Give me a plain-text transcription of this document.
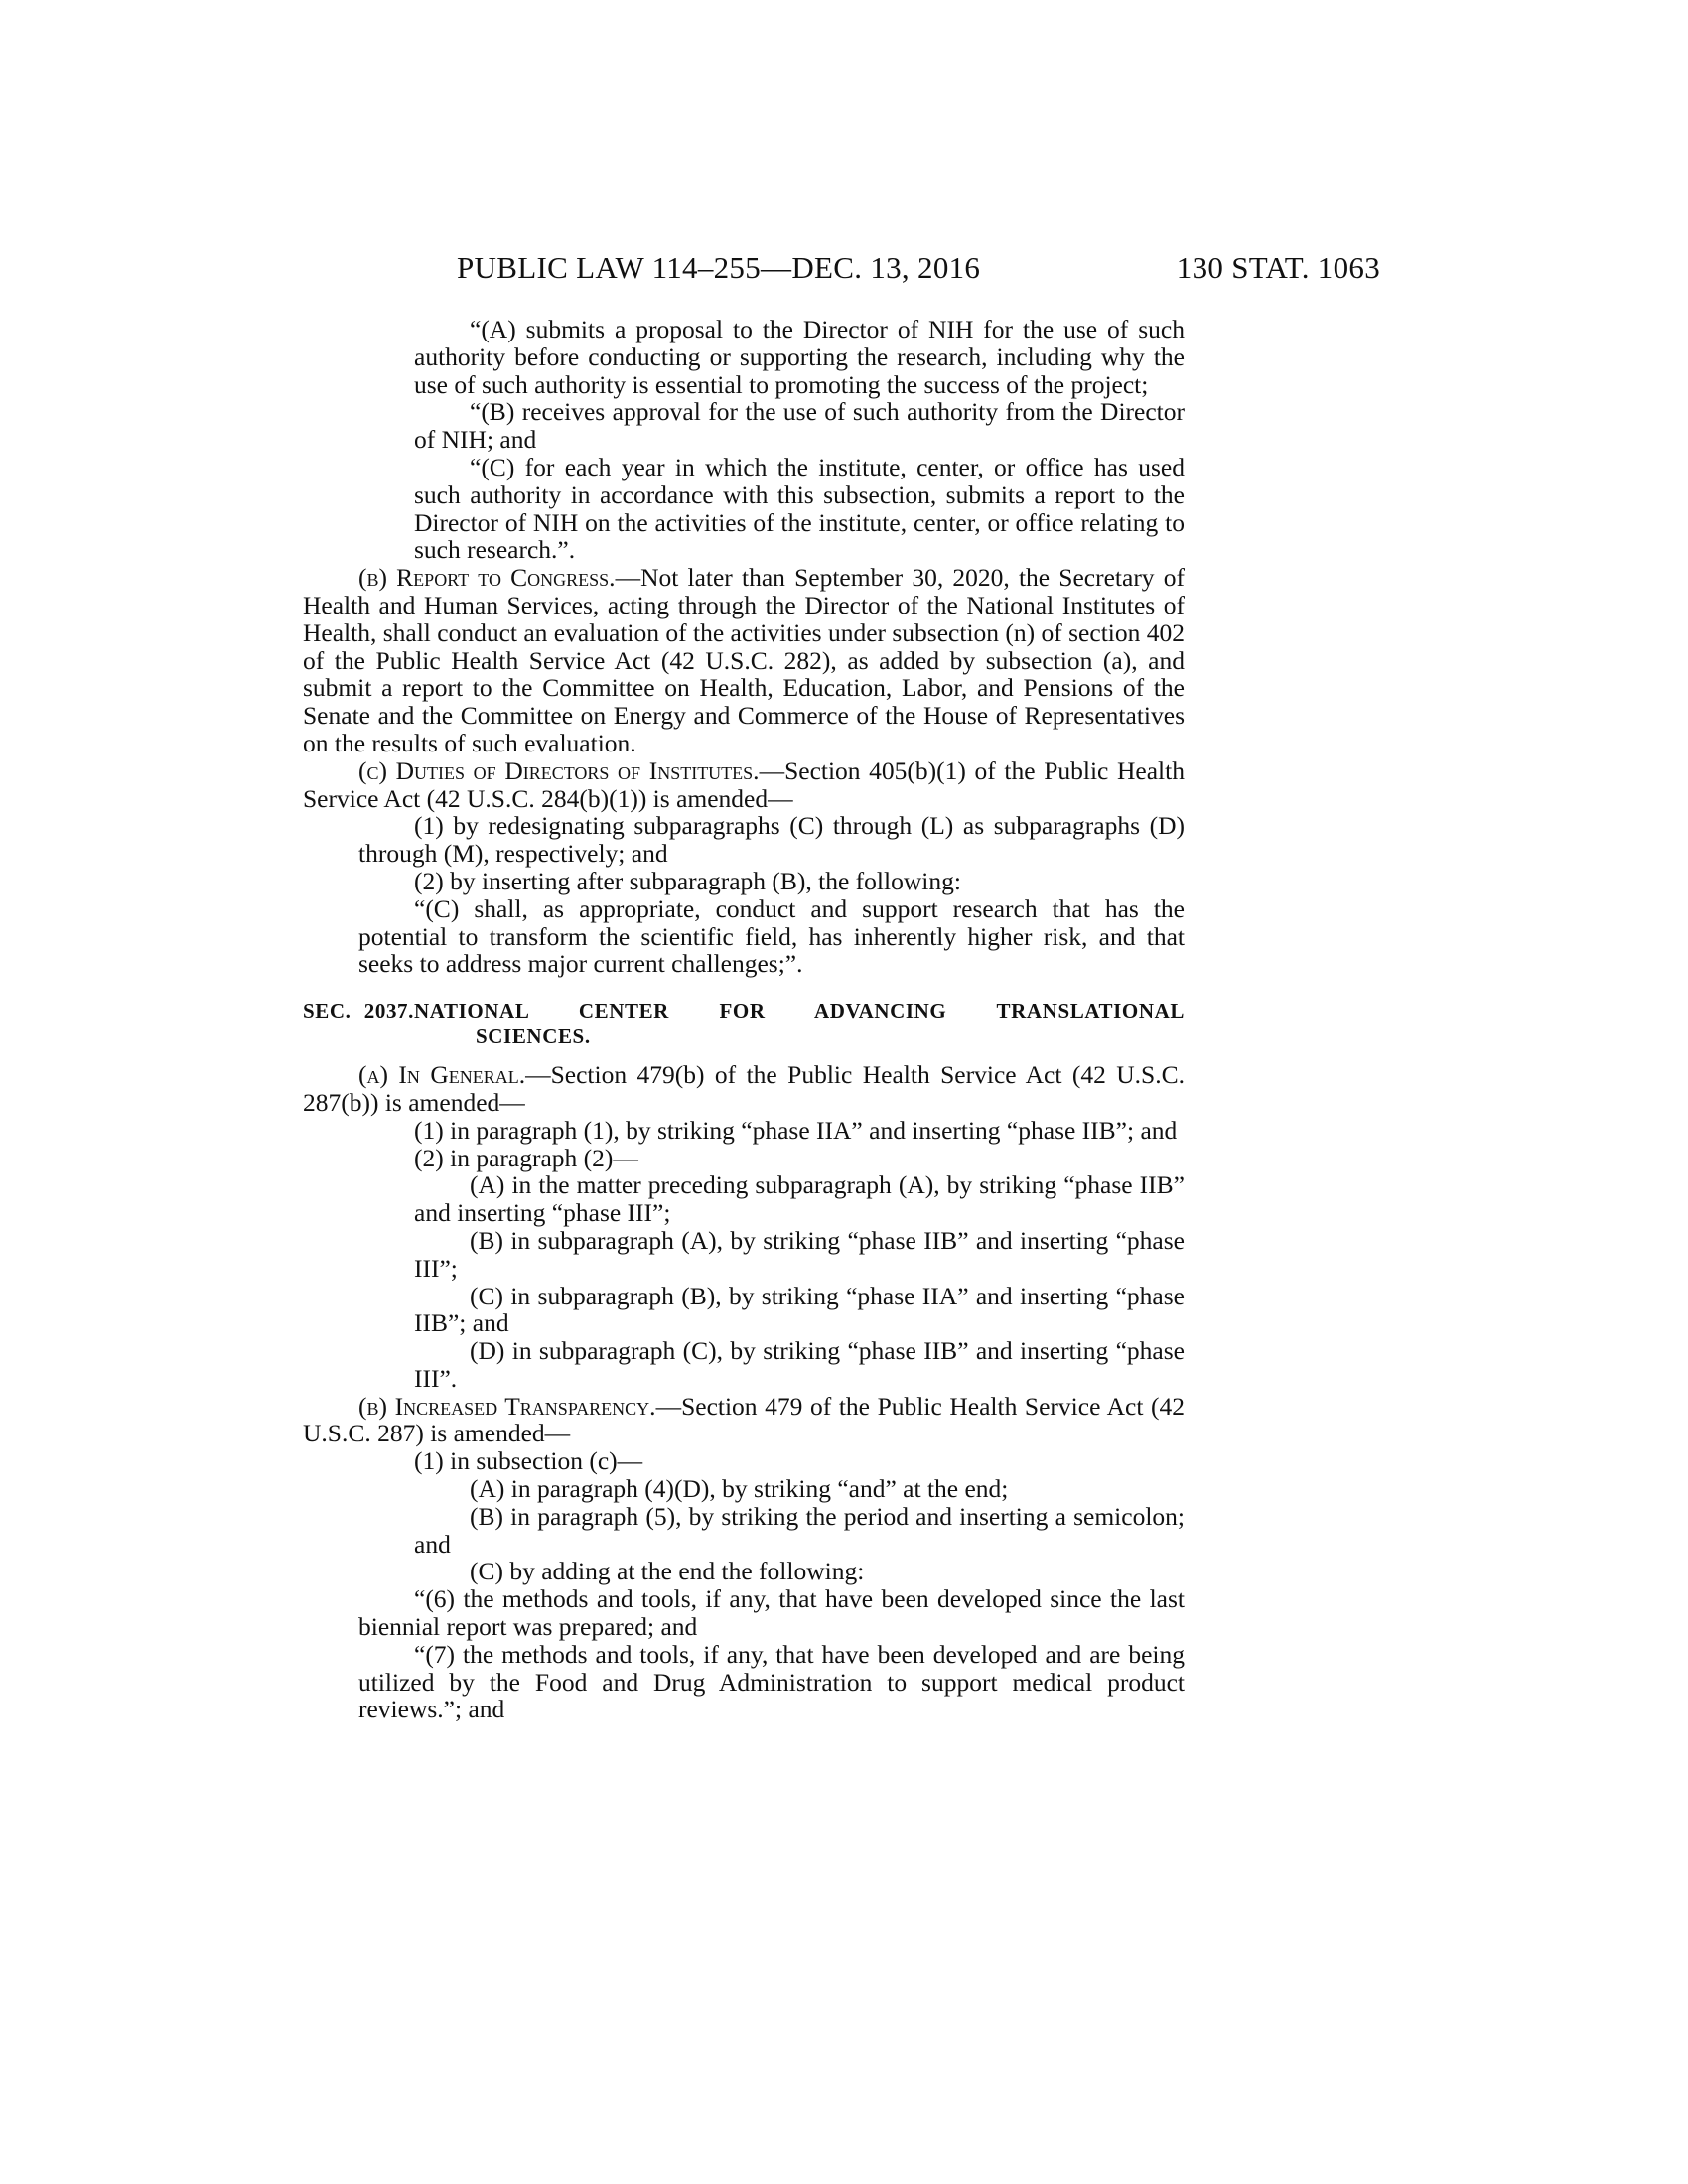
PUBLIC LAW 114–255—DEC. 13, 2016	130 STAT. 1063

“(A) submits a proposal to the Director of NIH for the use of such authority before conducting or supporting the research, including why the use of such authority is essential to promoting the success of the project;

“(B) receives approval for the use of such authority from the Director of NIH; and

“(C) for each year in which the institute, center, or office has used such authority in accordance with this subsection, submits a report to the Director of NIH on the activities of the institute, center, or office relating to such research.”.

(b) Report to Congress.—Not later than September 30, 2020, the Secretary of Health and Human Services, acting through the Director of the National Institutes of Health, shall conduct an evaluation of the activities under subsection (n) of section 402 of the Public Health Service Act (42 U.S.C. 282), as added by subsection (a), and submit a report to the Committee on Health, Education, Labor, and Pensions of the Senate and the Committee on Energy and Commerce of the House of Representatives on the results of such evaluation.

(c) Duties of Directors of Institutes.—Section 405(b)(1) of the Public Health Service Act (42 U.S.C. 284(b)(1)) is amended—

(1) by redesignating subparagraphs (C) through (L) as subparagraphs (D) through (M), respectively; and

(2) by inserting after subparagraph (B), the following:

“(C) shall, as appropriate, conduct and support research that has the potential to transform the scientific field, has inherently higher risk, and that seeks to address major current challenges;”.

SEC. 2037.NATIONAL CENTER FOR ADVANCING TRANSLATIONAL
SCIENCES.

(a) In General.—Section 479(b) of the Public Health Service Act (42 U.S.C. 287(b)) is amended—

(1) in paragraph (1), by striking “phase IIA” and inserting “phase IIB”; and

(2) in paragraph (2)—

(A) in the matter preceding subparagraph (A), by striking “phase IIB” and inserting “phase III”;

(B) in subparagraph (A), by striking “phase IIB” and inserting “phase III”;

(C) in subparagraph (B), by striking “phase IIA” and inserting “phase IIB”; and

(D) in subparagraph (C), by striking “phase IIB” and inserting “phase III”.

(b) Increased Transparency.—Section 479 of the Public Health Service Act (42 U.S.C. 287) is amended—

(1) in subsection (c)—

(A) in paragraph (4)(D), by striking “and” at the end;

(B) in paragraph (5), by striking the period and inserting a semicolon; and

(C) by adding at the end the following:

“(6) the methods and tools, if any, that have been developed since the last biennial report was prepared; and

“(7) the methods and tools, if any, that have been developed and are being utilized by the Food and Drug Administration to support medical product reviews.”; and
